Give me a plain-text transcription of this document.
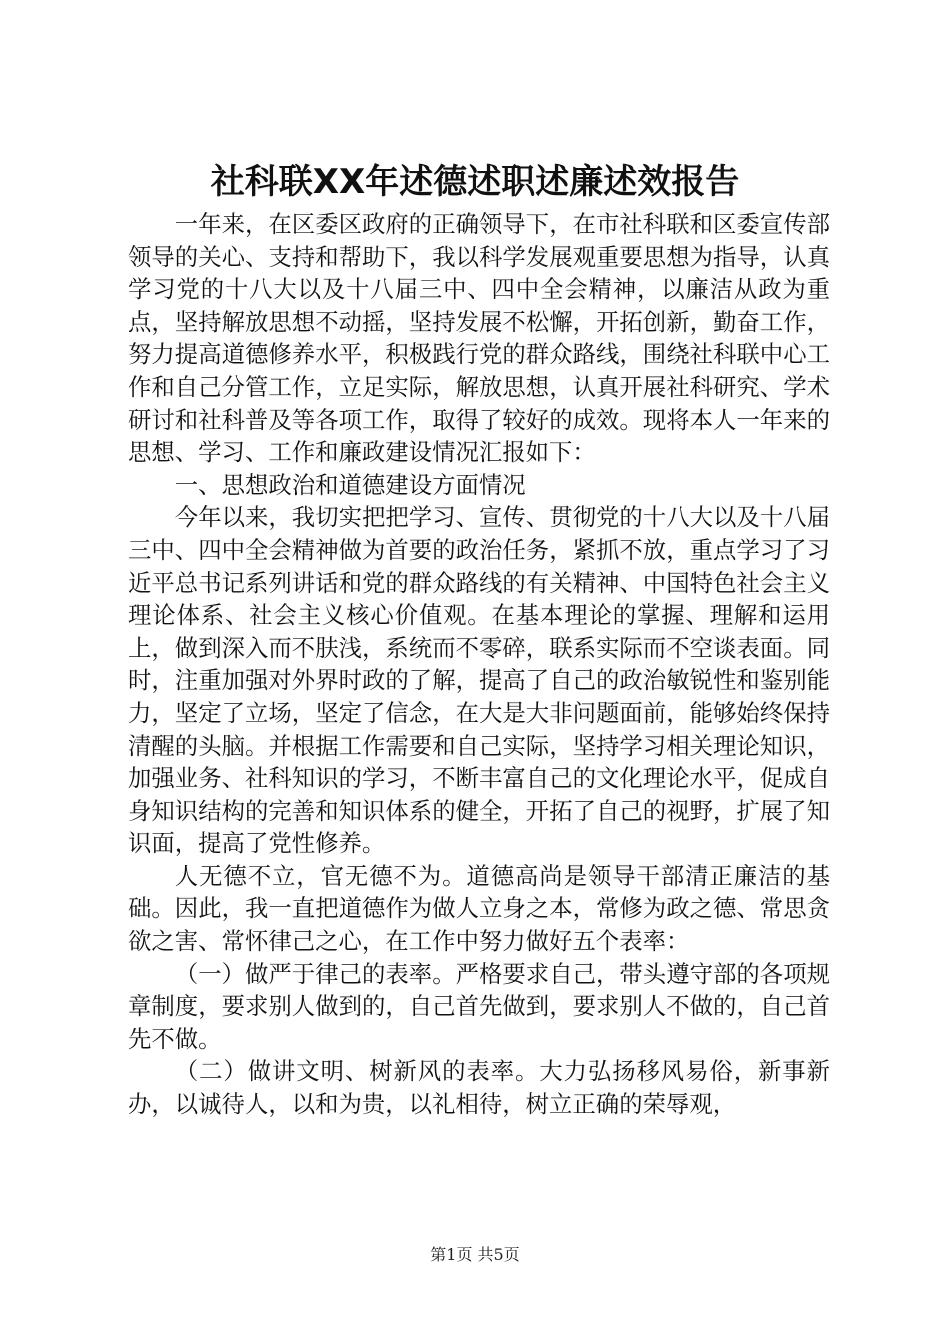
社科联XX年述德述职述廉述效报告

一年来，在区委区政府的正确领导下，在市社科联和区委宣传部领导的关心、支持和帮助下，我以科学发展观重要思想为指导，认真学习党的十八大以及十八届三中、四中全会精神，以廉洁从政为重点，坚持解放思想不动摇，坚持发展不松懈，开拓创新，勤奋工作，努力提高道德修养水平，积极践行党的群众路线，围绕社科联中心工作和自己分管工作，立足实际，解放思想，认真开展社科研究、学术研讨和社科普及等各项工作，取得了较好的成效。现将本人一年来的思想、学习、工作和廉政建设情况汇报如下：

一、思想政治和道德建设方面情况

今年以来，我切实把把学习、宣传、贯彻党的十八大以及十八届三中、四中全会精神做为首要的政治任务，紧抓不放，重点学习了习近平总书记系列讲话和党的群众路线的有关精神、中国特色社会主义理论体系、社会主义核心价值观。在基本理论的掌握、理解和运用上，做到深入而不肤浅，系统而不零碎，联系实际而不空谈表面。同时，注重加强对外界时政的了解，提高了自己的政治敏锐性和鉴别能力，坚定了立场，坚定了信念，在大是大非问题面前，能够始终保持清醒的头脑。并根据工作需要和自己实际，坚持学习相关理论知识，加强业务、社科知识的学习，不断丰富自己的文化理论水平，促成自身知识结构的完善和知识体系的健全，开拓了自己的视野，扩展了知识面，提高了党性修养。

人无德不立，官无德不为。道德高尚是领导干部清正廉洁的基础。因此，我一直把道德作为做人立身之本，常修为政之德、常思贪欲之害、常怀律己之心，在工作中努力做好五个表率：

（一）做严于律己的表率。严格要求自己，带头遵守部的各项规章制度，要求别人做到的，自己首先做到，要求别人不做的，自己首先不做。

（二）做讲文明、树新风的表率。大力弘扬移风易俗，新事新办，以诚待人，以和为贵，以礼相待，树立正确的荣辱观，

第1页 共5页
